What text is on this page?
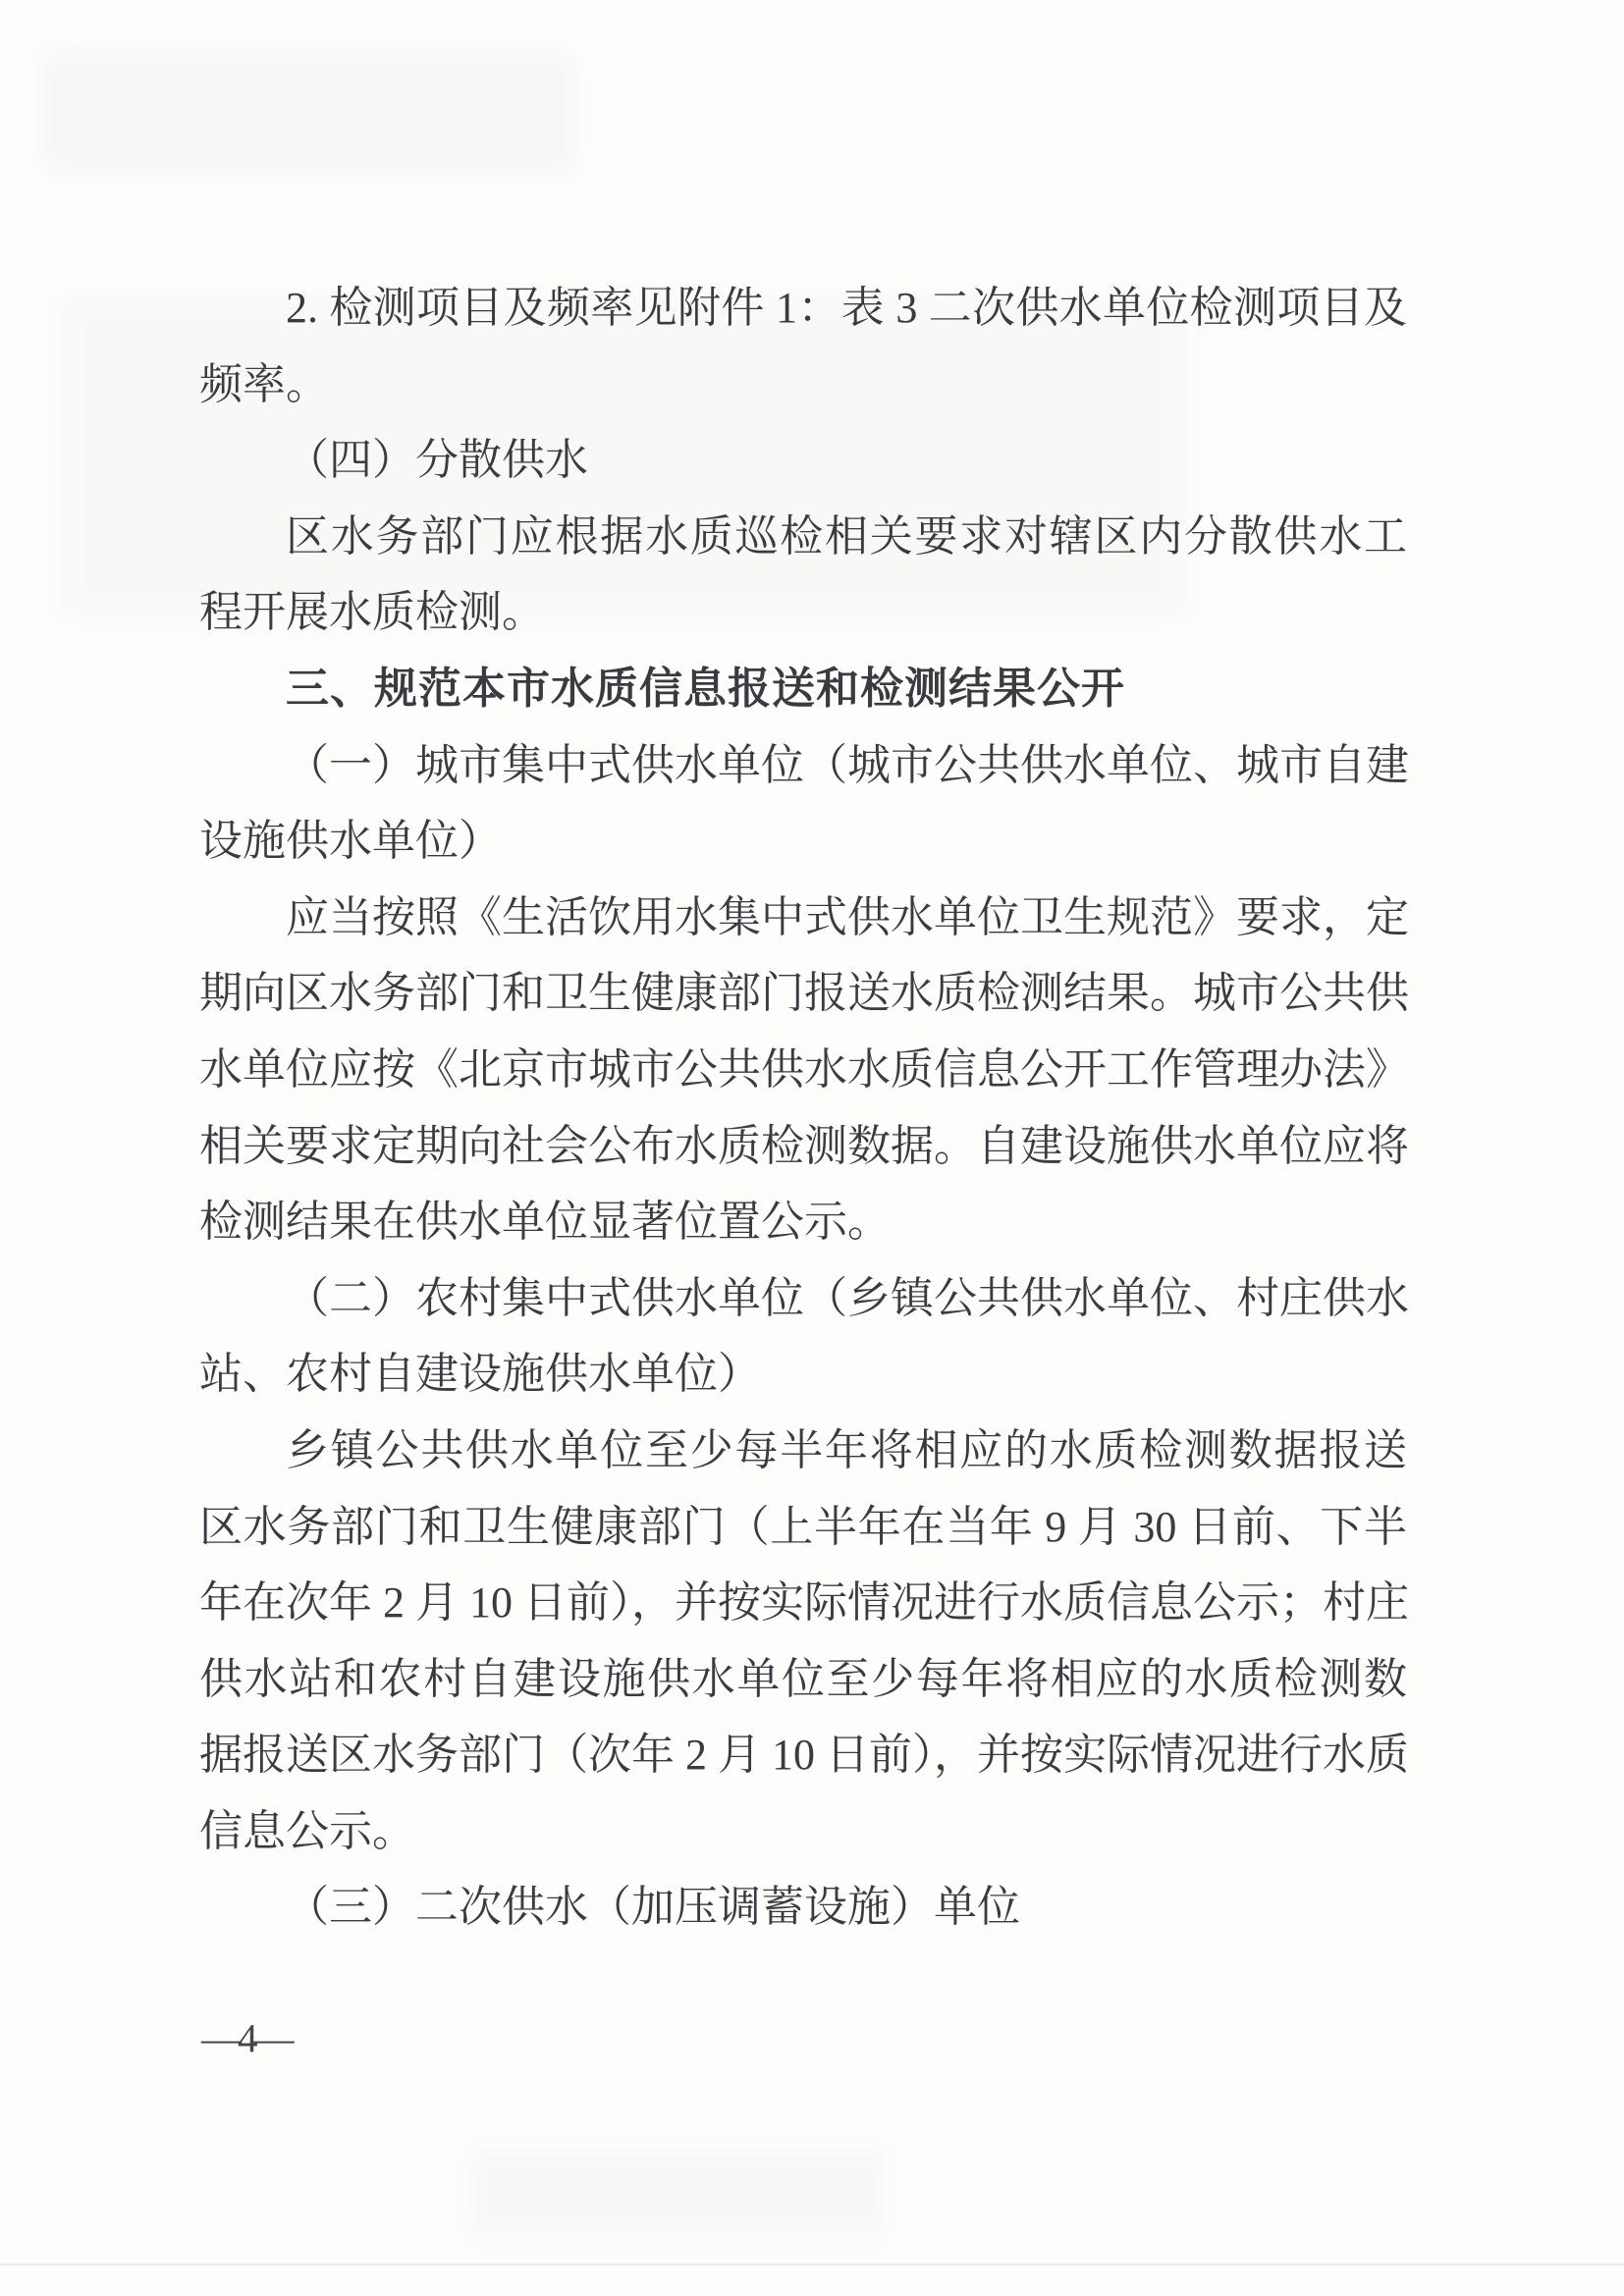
2. 检测项目及频率见附件 1：表 3 二次供水单位检测项目及

频率。

（四）分散供水

区水务部门应根据水质巡检相关要求对辖区内分散供水工

程开展水质检测。

三、规范本市水质信息报送和检测结果公开

（一）城市集中式供水单位（城市公共供水单位、城市自建

设施供水单位）

应当按照《生活饮用水集中式供水单位卫生规范》要求，定

期向区水务部门和卫生健康部门报送水质检测结果。城市公共供

水单位应按《北京市城市公共供水水质信息公开工作管理办法》

相关要求定期向社会公布水质检测数据。自建设施供水单位应将

检测结果在供水单位显著位置公示。

（二）农村集中式供水单位（乡镇公共供水单位、村庄供水

站、农村自建设施供水单位）

乡镇公共供水单位至少每半年将相应的水质检测数据报送

区水务部门和卫生健康部门（上半年在当年 9 月 30 日前、下半

年在次年 2 月 10 日前），并按实际情况进行水质信息公示；村庄

供水站和农村自建设施供水单位至少每年将相应的水质检测数

据报送区水务部门（次年 2 月 10 日前），并按实际情况进行水质

信息公示。

（三）二次供水（加压调蓄设施）单位

—4—
